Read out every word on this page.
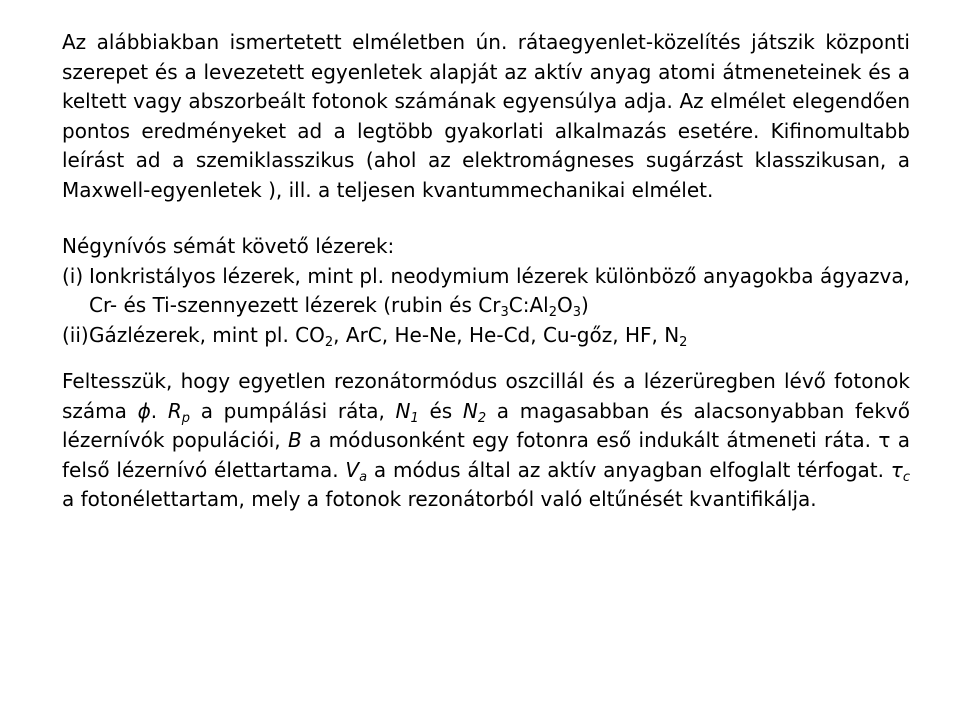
Az alábbiakban ismertetett elméletben ún. rátaegyenlet-közelítés játszik központi szerepet és a levezetett egyenletek alapját az aktív anyag atomi átmeneteinek és a keltett vagy abszorbeált fotonok számának egyensúlya adja. Az elmélet elegendően pontos eredményeket ad a legtöbb gyakorlati alkalmazás esetére. Kifinomultabb leírást ad a szemiklasszikus (ahol az elektromágneses sugárzást klasszikusan, a Maxwell-egyenletek ), ill. a teljesen kvantummechanikai elmélet.

Négynívós sémát követő lézerek:
(i) Ionkristályos lézerek, mint pl. neodymium lézerek különböző anyagokba ágyazva, Cr- és Ti-szennyezett lézerek (rubin és $Cr_3C:Al_2O_3$)
(ii) Gázlézerek, mint pl. $CO_2$, ArC, He-Ne, He-Cd, Cu-gőz, HF, $N_2$

Feltesszük, hogy egyetlen rezonátormódus oszcillál és a lézerüregben lévő fotonok száma ϕ. $R_p$ a pumpálási ráta, $N_1$ és $N_2$ a magasabban és alacsonyabban fekvő lézernívók populációi, B a módusonként egy fotonra eső indukált átmeneti ráta. τ a felső lézernívó élettartama. $V_a$ a módus által az aktív anyagban elfoglalt térfogat. $\tau_c$ a fotonélettartam, mely a fotonok rezonátorból való eltűnését kvantifikálja.
